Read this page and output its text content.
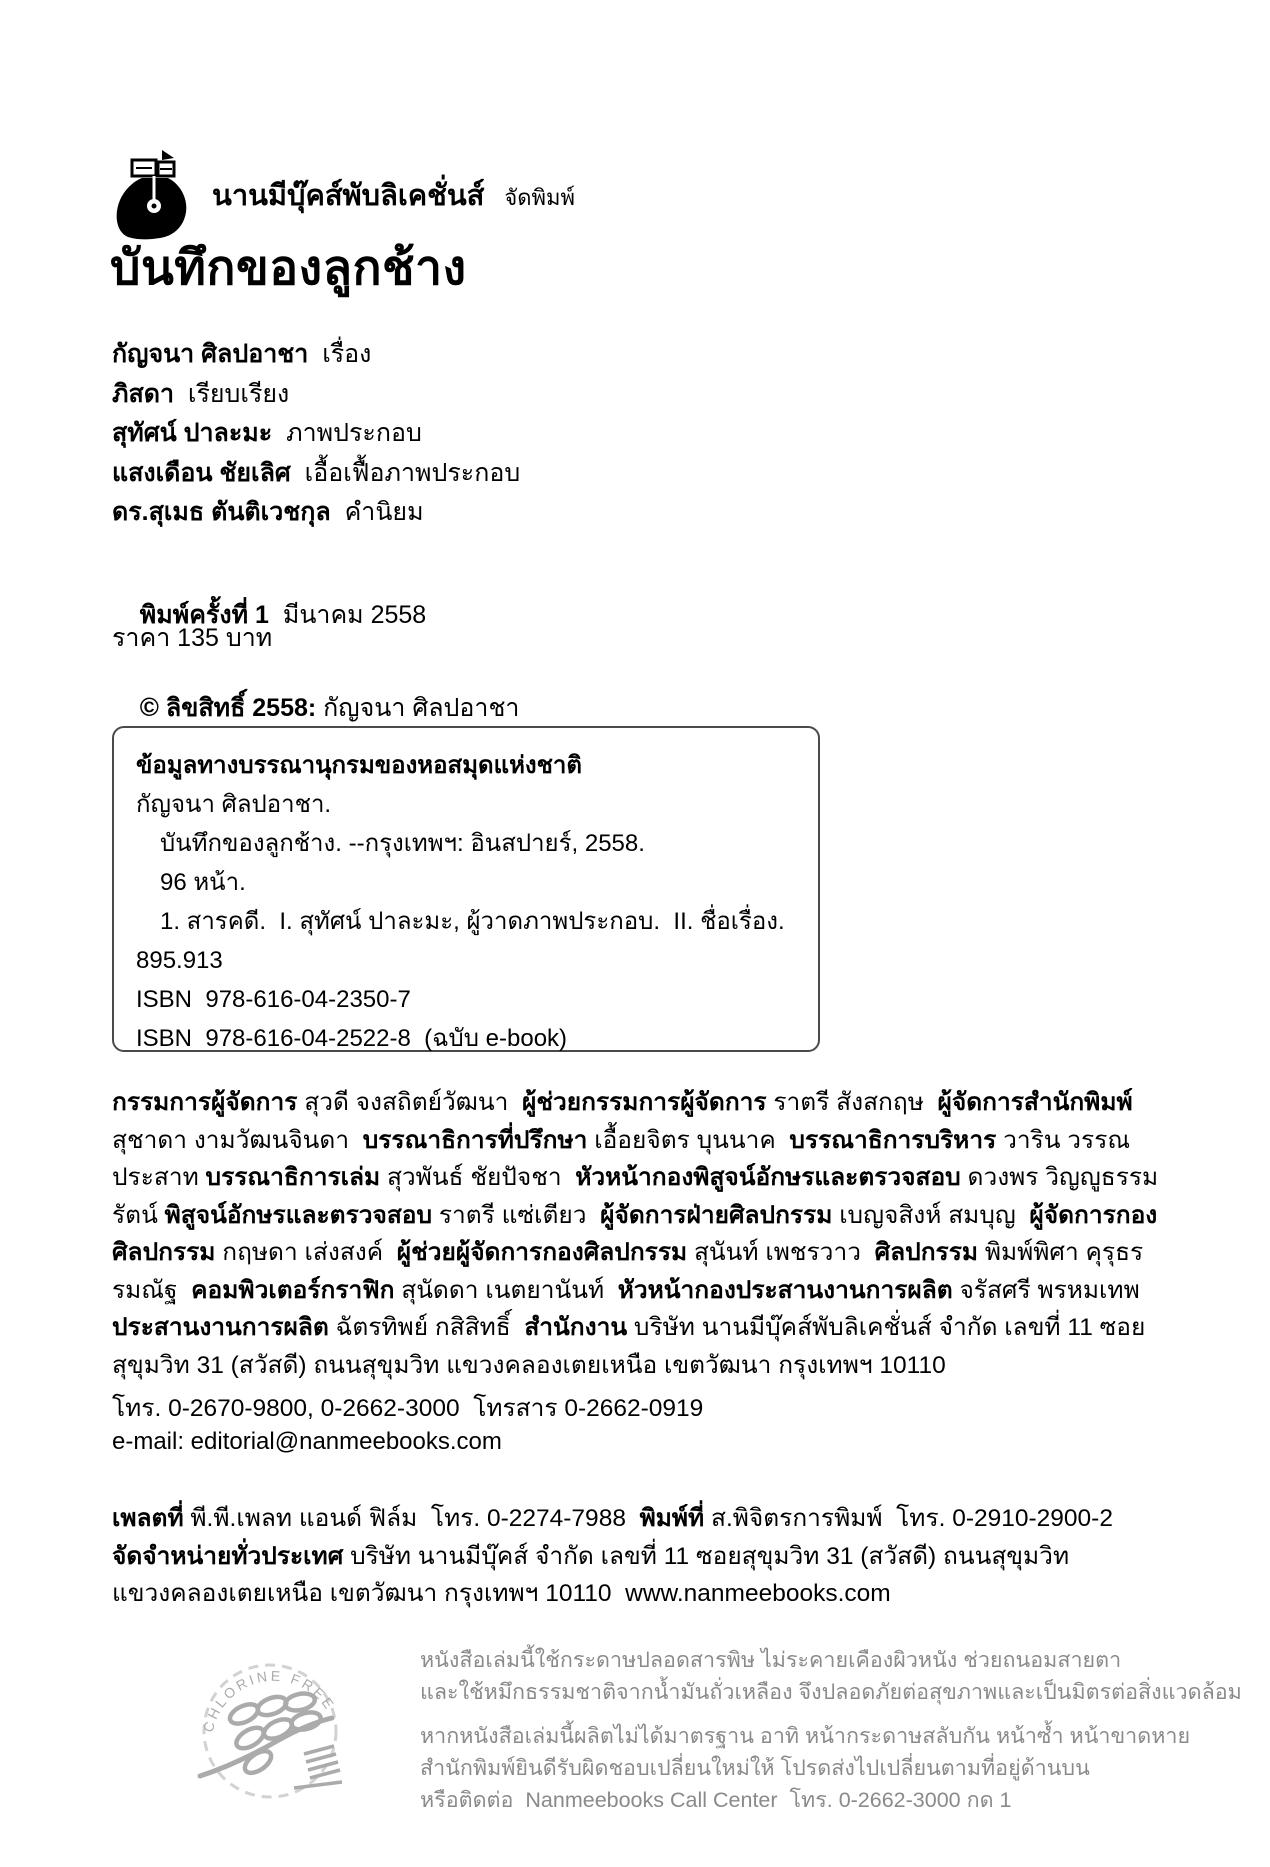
นานมีบุ๊คส์พับลิเคชั่นส์ จัดพิมพ์
บันทึกของลูกช้าง
กัญจนา ศิลปอาชา เรื่อง
ภิสดา เรียบเรียง
สุทัศน์ ปาละมะ ภาพประกอบ
แสงเดือน ชัยเลิศ เอื้อเฟื้อภาพประกอบ
ดร.สุเมธ ตันติเวชกุล คำนิยม

พิมพ์ครั้งที่ 1 มีนาคม 2558

ราคา 135 บาท

© ลิขสิทธิ์ 2558: กัญจนา ศิลปอาชา

ข้อมูลทางบรรณานุกรมของหอสมุดแห่งชาติ
กัญจนา ศิลปอาชา.
บันทึกของลูกช้าง. --กรุงเทพฯ: อินสปายร์, 2558.
96 หน้า.
1. สารคดี.  I. สุทัศน์ ปาละมะ, ผู้วาดภาพประกอบ.  II. ชื่อเรื่อง.
895.913
ISBN  978-616-04-2350-7
ISBN  978-616-04-2522-8  (ฉบับ e-book)
กรรมการผู้จัดการ สุวดี จงสถิตย์วัฒนา  ผู้ช่วยกรรมการผู้จัดการ ราตรี สังสกฤษ  ผู้จัดการสำนักพิมพ์ สุชาดา งามวัฒนจินดา  บรรณาธิการที่ปรึกษา เอื้อยจิตร บุนนาค  บรรณาธิการบริหาร วาริน วรรณประสาท บรรณาธิการเล่ม สุวพันธ์ ชัยปัจชา  หัวหน้ากองพิสูจน์อักษรและตรวจสอบ ดวงพร วิญญูธรรมรัตน์ พิสูจน์อักษรและตรวจสอบ ราตรี แซ่เตียว  ผู้จัดการฝ่ายศิลปกรรม เบญจสิงห์ สมบุญ  ผู้จัดการกองศิลปกรรม กฤษดา เส่งสงค์  ผู้ช่วยผู้จัดการกองศิลปกรรม สุนันท์ เพชรวาว  ศิลปกรรม พิมพ์พิศา คุรุธรรมณัฐ  คอมพิวเตอร์กราฟิก สุนัดดา เนตยานันท์  หัวหน้ากองประสานงานการผลิต จรัสศรี พรหมเทพ  ประสานงานการผลิต ฉัตรทิพย์ กสิสิทธิ์  สำนักงาน บริษัท นานมีบุ๊คส์พับลิเคชั่นส์ จำกัด เลขที่ 11 ซอยสุขุมวิท 31 (สวัสดี) ถนนสุขุมวิท แขวงคลองเตยเหนือ เขตวัฒนา กรุงเทพฯ 10110
โทร. 0-2670-9800, 0-2662-3000  โทรสาร 0-2662-0919
e-mail: editorial@nanmeebooks.com
เพลตที่ พี.พี.เพลท แอนด์ ฟิล์ม  โทร. 0-2274-7988  พิมพ์ที่ ส.พิจิตรการพิมพ์  โทร. 0-2910-2900-2 จัดจำหน่ายทั่วประเทศ บริษัท นานมีบุ๊คส์ จำกัด เลขที่ 11 ซอยสุขุมวิท 31 (สวัสดี) ถนนสุขุมวิท แขวงคลองเตยเหนือ เขตวัฒนา กรุงเทพฯ 10110  www.nanmeebooks.com
CHLORINE FREE
หนังสือเล่มนี้ใช้กระดาษปลอดสารพิษ ไม่ระคายเคืองผิวหนัง ช่วยถนอมสายตา
และใช้หมึกธรรมชาติจากน้ำมันถั่วเหลือง จึงปลอดภัยต่อสุขภาพและเป็นมิตรต่อสิ่งแวดล้อม
หากหนังสือเล่มนี้ผลิตไม่ได้มาตรฐาน อาทิ หน้ากระดาษสลับกัน หน้าซ้ำ หน้าขาดหาย
สำนักพิมพ์ยินดีรับผิดชอบเปลี่ยนใหม่ให้ โปรดส่งไปเปลี่ยนตามที่อยู่ด้านบน
หรือติดต่อ  Nanmeebooks Call Center  โทร. 0-2662-3000 กด 1
